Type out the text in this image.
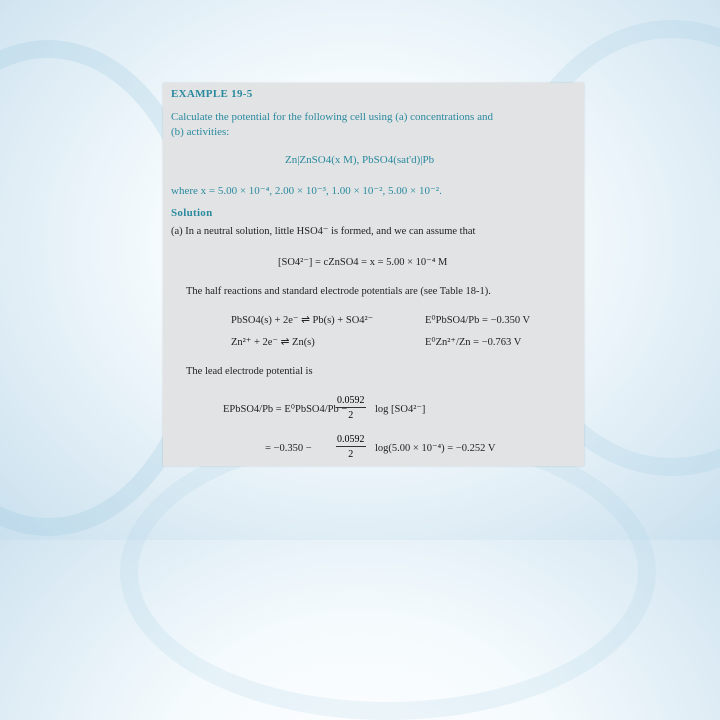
EXAMPLE 19-5
Calculate the potential for the following cell using (a) concentrations and
(b) activities:
Zn|ZnSO4(x M), PbSO4(sat'd)|Pb
where x = 5.00 × 10⁻⁴, 2.00 × 10⁻³, 1.00 × 10⁻², 5.00 × 10⁻².
Solution
(a) In a neutral solution, little HSO4⁻ is formed, and we can assume that
[SO4²⁻] = cZnSO4 = x = 5.00 × 10⁻⁴ M
The half reactions and standard electrode potentials are (see Table 18-1).
PbSO4(s) + 2e⁻ ⇌ Pb(s) + SO4²⁻	E⁰PbSO4/Pb = −0.350 V
Zn²⁺ + 2e⁻ ⇌ Zn(s)	E⁰Zn²⁺/Zn = −0.763 V
The lead electrode potential is
EPbSO4/Pb = E⁰PbSO4/Pb −
$\frac{0.0592}{2}$ log [SO4²⁻]
= $-0.350 - \frac{0.0592}{2} \log(5.00 \times 10^{-4}) = -0.252$ V
